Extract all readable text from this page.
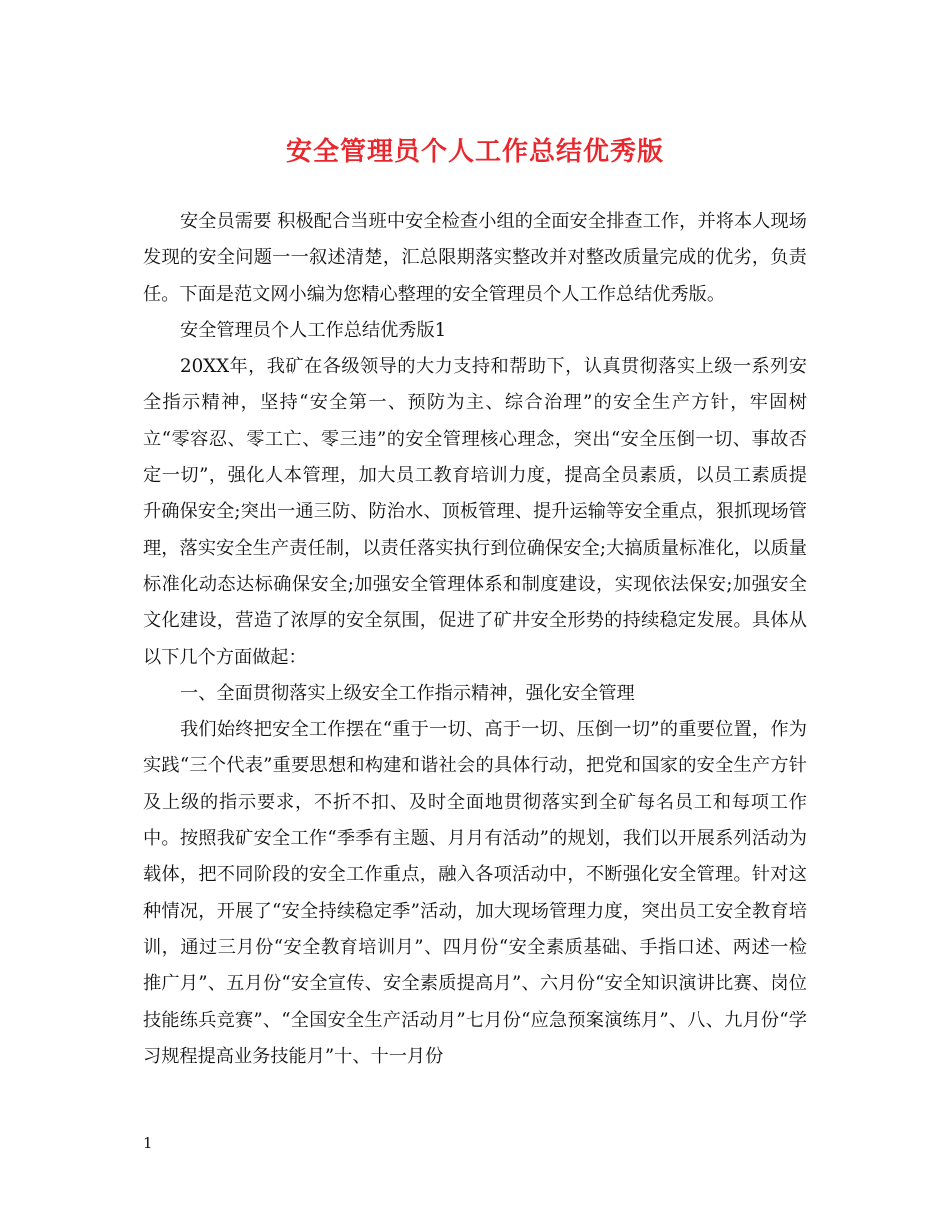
安全管理员个人工作总结优秀版

安全员需要 积极配合当班中安全检查小组的全面安全排查工作，并将本人现场发现的安全问题一一叙述清楚，汇总限期落实整改并对整改质量完成的优劣，负责任。下面是范文网小编为您精心整理的安全管理员个人工作总结优秀版。

安全管理员个人工作总结优秀版1

20XX年，我矿在各级领导的大力支持和帮助下，认真贯彻落实上级一系列安全指示精神，坚持“安全第一、预防为主、综合治理”的安全生产方针，牢固树立“零容忍、零工亡、零三违”的安全管理核心理念，突出“安全压倒一切、事故否定一切”，强化人本管理，加大员工教育培训力度，提高全员素质，以员工素质提升确保安全;突出一通三防、防治水、顶板管理、提升运输等安全重点，狠抓现场管理，落实安全生产责任制，以责任落实执行到位确保安全;大搞质量标准化，以质量标准化动态达标确保安全;加强安全管理体系和制度建设，实现依法保安;加强安全文化建设，营造了浓厚的安全氛围，促进了矿井安全形势的持续稳定发展。具体从以下几个方面做起：

一、全面贯彻落实上级安全工作指示精神，强化安全管理

我们始终把安全工作摆在“重于一切、高于一切、压倒一切”的重要位置，作为实践“三个代表”重要思想和构建和谐社会的具体行动，把党和国家的安全生产方针及上级的指示要求，不折不扣、及时全面地贯彻落实到全矿每名员工和每项工作中。按照我矿安全工作“季季有主题、月月有活动”的规划，我们以开展系列活动为载体，把不同阶段的安全工作重点，融入各项活动中，不断强化安全管理。针对这种情况，开展了“安全持续稳定季”活动，加大现场管理力度，突出员工安全教育培训，通过三月份“安全教育培训月”、四月份“安全素质基础、手指口述、两述一检推广月”、五月份“安全宣传、安全素质提高月”、六月份“安全知识演讲比赛、岗位技能练兵竞赛”、“全国安全生产活动月”七月份“应急预案演练月”、八、九月份“学习规程提高业务技能月”十、十一月份

1
